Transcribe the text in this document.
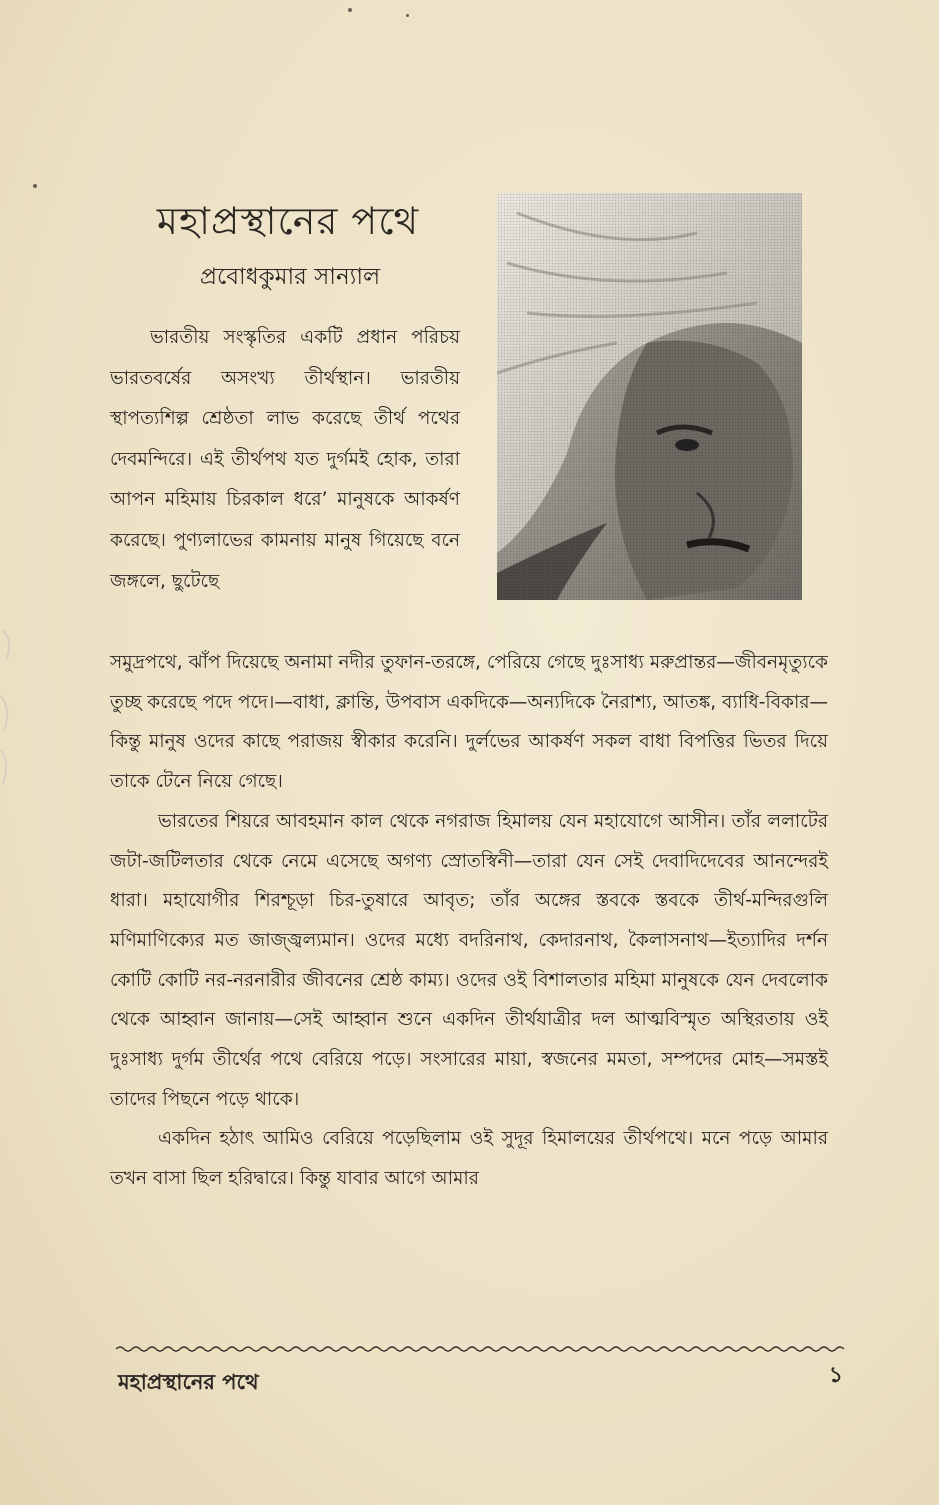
মহাপ্রস্থানের পথে
প্রবোধকুমার সান্যাল
ভারতীয় সংস্কৃতির একটি প্রধান পরিচয় ভারতবর্ষের অসংখ্য তীর্থস্থান। ভারতীয় স্থাপত্যশিল্প শ্রেষ্ঠতা লাভ করেছে তীর্থ পথের দেবমন্দিরে। এই তীর্থপথ যত দুর্গমই হোক, তারা আপন মহিমায় চিরকাল ধরে’ মানুষকে আকর্ষণ করেছে। পুণ্যলাভের কামনায় মানুষ গিয়েছে বনে জঙ্গলে, ছুটেছে

সমুদ্রপথে, ঝাঁপ দিয়েছে অনামা নদীর তুফান-তরঙ্গে, পেরিয়ে গেছে দুঃসাধ্য মরুপ্রান্তর—জীবনমৃত্যুকে তুচ্ছ করেছে পদে পদে।—বাধা, ক্লান্তি, উপবাস একদিকে—অন্যদিকে নৈরাশ্য, আতঙ্ক, ব্যাধি-বিকার—কিন্তু মানুষ ওদের কাছে পরাজয় স্বীকার করেনি। দুর্লভের আকর্ষণ সকল বাধা বিপত্তির ভিতর দিয়ে তাকে টেনে নিয়ে গেছে।

ভারতের শিয়রে আবহমান কাল থেকে নগরাজ হিমালয় যেন মহাযোগে আসীন। তাঁর ললাটের জটা-জটিলতার থেকে নেমে এসেছে অগণ্য স্রোতস্বিনী—তারা যেন সেই দেবাদিদেবের আনন্দেরই ধারা। মহাযোগীর শিরশ্চূড়া চির-তুষারে আবৃত; তাঁর অঙ্গের স্তবকে স্তবকে তীর্থ-মন্দিরগুলি মণিমাণিক্যের মত জাজ্জ্বল্যমান। ওদের মধ্যে বদরিনাথ, কেদারনাথ, কৈলাসনাথ—ইত্যাদির দর্শন কোটি কোটি নর-নরনারীর জীবনের শ্রেষ্ঠ কাম্য। ওদের ওই বিশালতার মহিমা মানুষকে যেন দেবলোক থেকে আহ্বান জানায়—সেই আহ্বান শুনে একদিন তীর্থযাত্রীর দল আত্মবিস্মৃত অস্থিরতায় ওই দুঃসাধ্য দুর্গম তীর্থের পথে বেরিয়ে পড়ে। সংসারের মায়া, স্বজনের মমতা, সম্পদের মোহ—সমস্তই তাদের পিছনে পড়ে থাকে।

একদিন হঠাৎ আমিও বেরিয়ে পড়েছিলাম ওই সুদূর হিমালয়ের তীর্থপথে। মনে পড়ে আমার তখন বাসা ছিল হরিদ্বারে। কিন্তু যাবার আগে আমার

মহাপ্রস্থানের পথে	১
